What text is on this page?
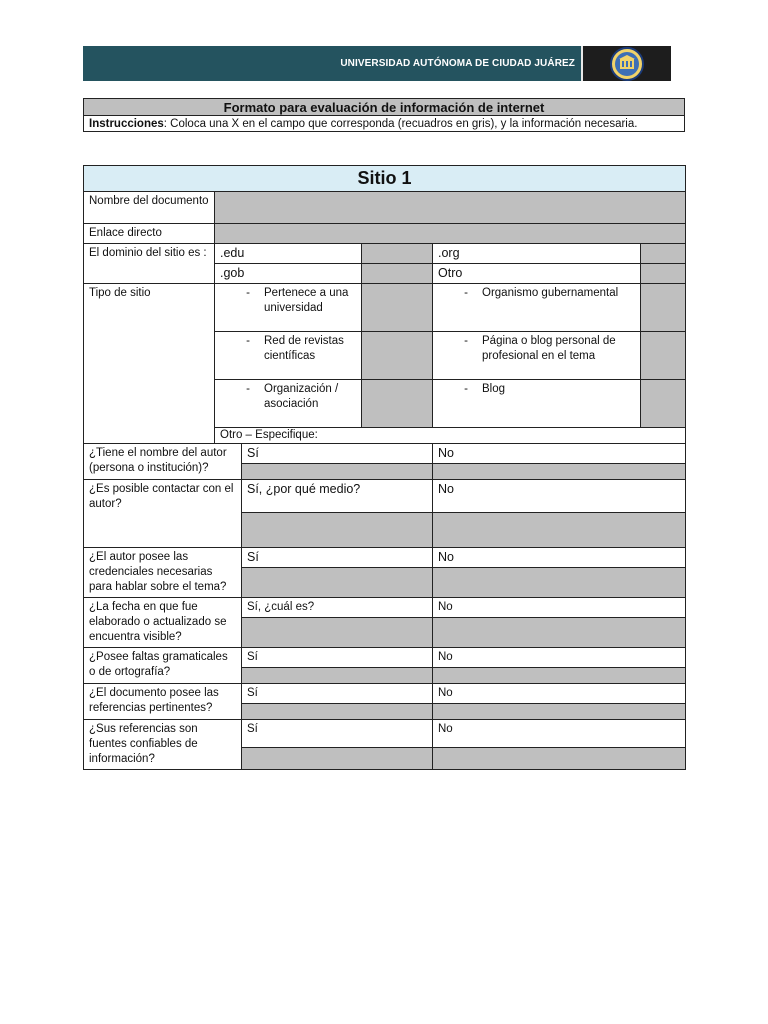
UNIVERSIDAD AUTÓNOMA DE CIUDAD JUÁREZ
Formato para evaluación de información de internet
Instrucciones: Coloca una X en el campo que corresponda (recuadros en gris), y la información necesaria.
Sitio 1					
Nombre del documento					
Enlace directo					
El dominio del sitio es :	.edu			.org	
	.gob			Otro	
Tipo de sitio	- Pertenece a una universidad			- Organismo gubernamental	

	- Red de revistas científicas			- Página o blog personal de profesional en el tema	

	- Organización / asociación			- Blog	

	Otro – Especifique:				
¿Tiene el nombre del autor (persona o institución)?		Sí		No	

¿Es posible contactar con el autor?		Sí, ¿por qué medio?		No	

¿El autor posee las credenciales necesarias para hablar sobre el tema?		Sí		No	

¿La fecha en que fue elaborado o actualizado se encuentra visible?		Sí, ¿cuál es?		No	

¿Posee faltas gramaticales o de ortografía?		Sí		No	

¿El documento posee las referencias pertinentes?		Sí		No	

¿Sus referencias son fuentes confiables de información?		Sí		No	
